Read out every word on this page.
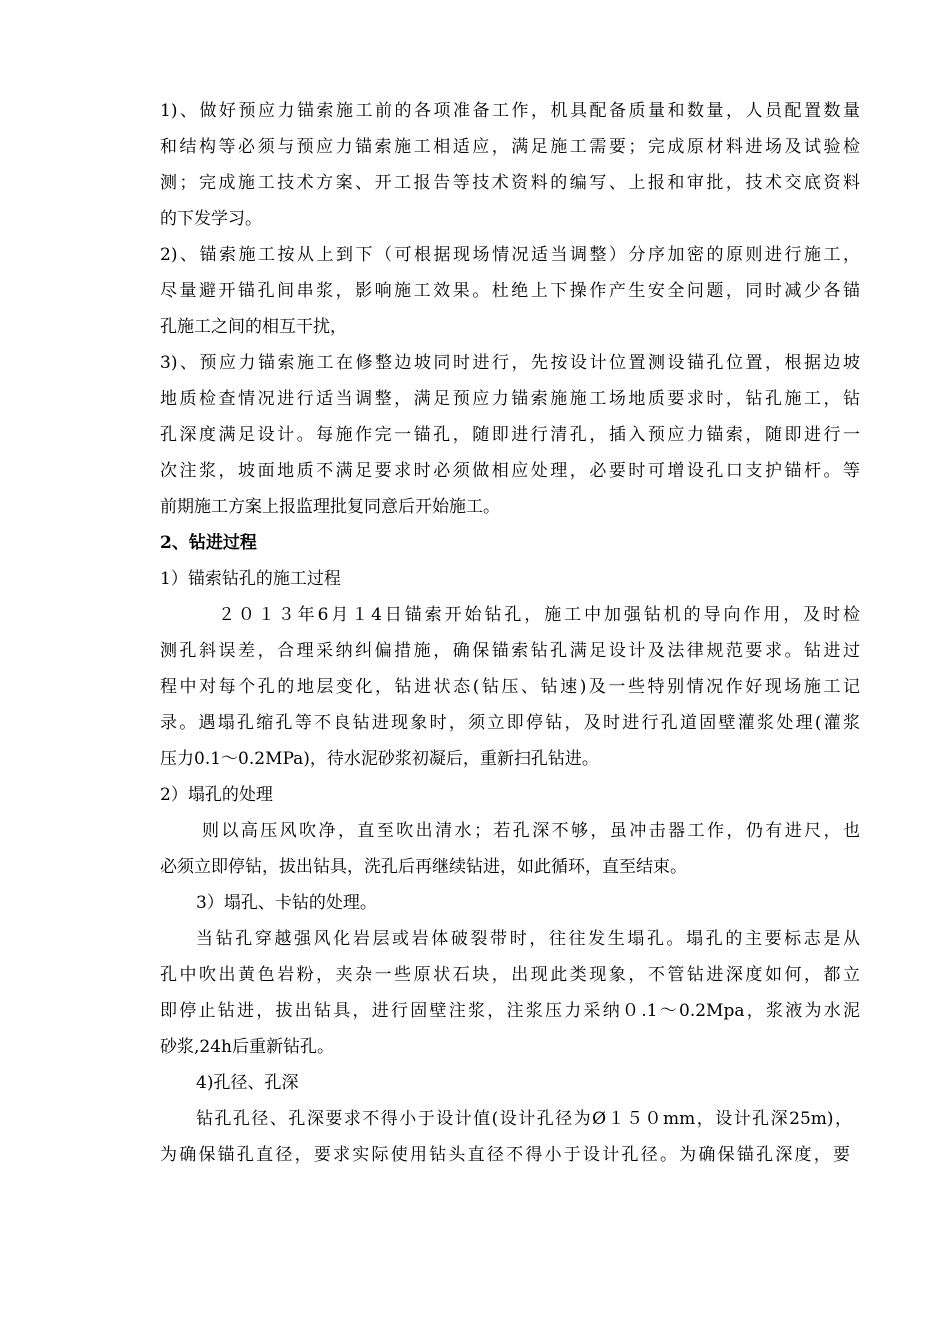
1)、做好预应力锚索施工前的各项准备工作，机具配备质量和数量，人员配置数量
和结构等必须与预应力锚索施工相适应，满足施工需要；完成原材料进场及试验检
测；完成施工技术方案、开工报告等技术资料的编写、上报和审批，技术交底资料
的下发学习。
2)、锚索施工按从上到下（可根据现场情况适当调整）分序加密的原则进行施工，
尽量避开锚孔间串浆，影响施工效果。杜绝上下操作产生安全问题，同时减少各锚
孔施工之间的相互干扰，
3)、预应力锚索施工在修整边坡同时进行，先按设计位置测设锚孔位置，根据边坡
地质检查情况进行适当调整，满足预应力锚索施施工场地质要求时，钻孔施工，钻
孔深度满足设计。每施作完一锚孔，随即进行清孔，插入预应力锚索，随即进行一
次注浆，坡面地质不满足要求时必须做相应处理，必要时可增设孔口支护锚杆。等
前期施工方案上报监理批复同意后开始施工。
2、钻进过程
1）锚索钻孔的施工过程
２０１３年6月１4日锚索开始钻孔，施工中加强钻机的导向作用，及时检
测孔斜误差，合理采纳纠偏措施，确保锚索钻孔满足设计及法律规范要求。钻进过
程中对每个孔的地层变化，钻进状态(钻压、钻速)及一些特别情况作好现场施工记
录。遇塌孔缩孔等不良钻进现象时，须立即停钻，及时进行孔道固壁灌浆处理(灌浆
压力0.1～0.2MPa)，待水泥砂浆初凝后，重新扫孔钻进。
2）塌孔的处理
则以高压风吹净，直至吹出清水；若孔深不够，虽冲击器工作，仍有进尺，也
必须立即停钻，拔出钻具，洗孔后再继续钻进，如此循环，直至结束。
3）塌孔、卡钻的处理。
当钻孔穿越强风化岩层或岩体破裂带时，往往发生塌孔。塌孔的主要标志是从
孔中吹出黄色岩粉，夹杂一些原状石块，出现此类现象，不管钻进深度如何，都立
即停止钻进，拔出钻具，进行固壁注浆，注浆压力采纳０.1～0.2Mpa，浆液为水泥
砂浆,24h后重新钻孔。
4)孔径、孔深
钻孔孔径、孔深要求不得小于设计值(设计孔径为Ø１５０mm，设计孔深25m)，
为确保锚孔直径，要求实际使用钻头直径不得小于设计孔径。为确保锚孔深度，要
